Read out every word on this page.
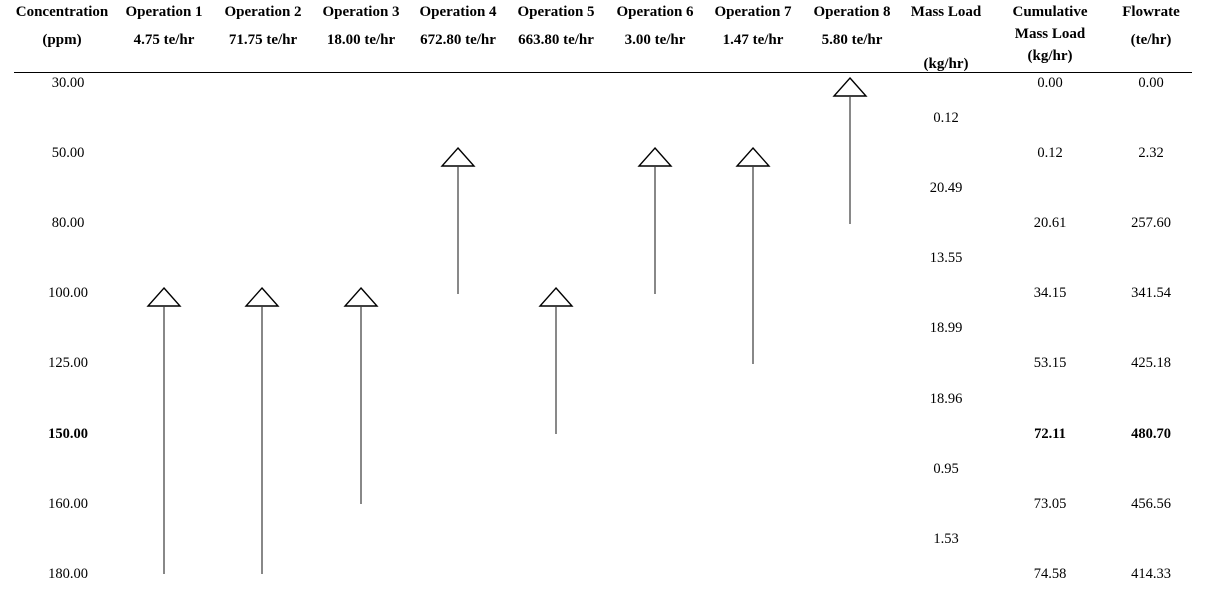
Concentration
(ppm)
Operation 1
4.75 te/hr
Operation 2
71.75 te/hr
Operation 3
18.00 te/hr
Operation 4
672.80 te/hr
Operation 5
663.80 te/hr
Operation 6
3.00 te/hr
Operation 7
1.47 te/hr
Operation 8
5.80 te/hr
Mass Load
(kg/hr)
Cumulative
Mass Load
(kg/hr)
Flowrate
(te/hr)
30.00
50.00
80.00
100.00
125.00
150.00
160.00
180.00
0.12
20.49
13.55
18.99
18.96
0.95
1.53
0.00
0.12
20.61
34.15
53.15
72.11
73.05
74.58
0.00
2.32
257.60
341.54
425.18
480.70
456.56
414.33
